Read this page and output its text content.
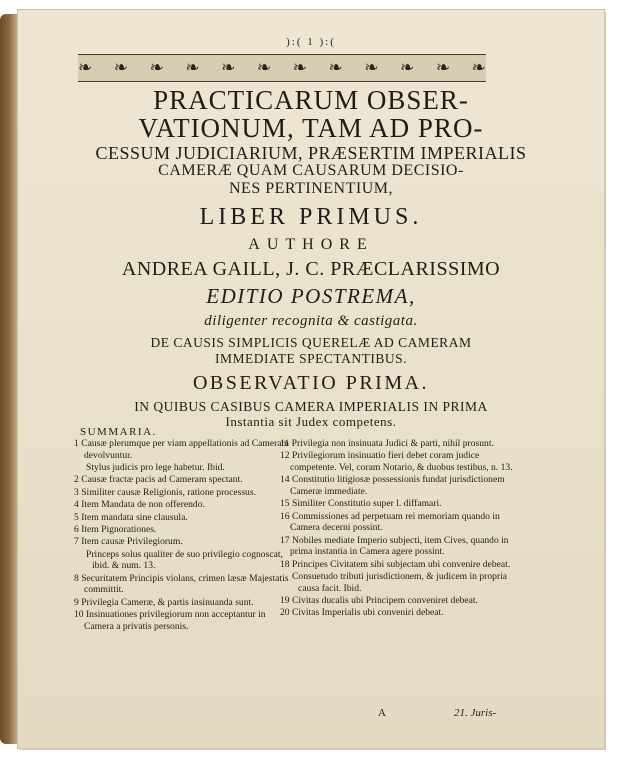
):( 1 ):(
❧ ❧ ❧ ❧ ❧ ❧ ❧ ❧ ❧ ❧ ❧ ❧
PRACTICARUM OBSER-
VATIONUM, TAM AD PRO-
CESSUM JUDICIARIUM, PRÆSERTIM IMPERIALIS
CAMERÆ QUAM CAUSARUM DECISIO-
NES PERTINENTIUM,
LIBER PRIMUS.
AUTHORE
ANDREA GAILL, J. C. PRÆCLARISSIMO
EDITIO POSTREMA,
diligenter recognita & castigata.
DE CAUSIS SIMPLICIS QUERELÆ AD CAMERAM
IMMEDIATE SPECTANTIBUS.
OBSERVATIO PRIMA.
IN QUIBUS CASIBUS CAMERA IMPERIALIS IN PRIMA
Instantia sit Judex competens.
SUMMARIA.
1 Causæ plerumque per viam appellationis ad Cameram devolvuntur.
Stylus judicis pro lege habetur. Ibid.
2 Causæ fractæ pacis ad Cameram spectant.
3 Similiter causæ Religionis, ratione processus.
4 Item Mandata de non offerendo.
5 Item mandata sine clausula.
6 Item Pignorationes.
7 Item causæ Privilegiorum.
Princeps solus qualiter de suo privilegio cognoscat, ibid. & num. 13.
8 Securitatem Principis violans, crimen læsæ Majestatis committit.
9 Privilegia Cameræ, & partis insinuanda sunt.
10 Insinuationes privilegiorum non acceptantur in Camera a privatis personis.
11 Privilegia non insinuata Judici & parti, nihil prosunt.
12 Privilegiorum insinuatio fieri debet coram judice competente. Vel, coram Notario, & duobus testibus, n. 13.
14 Constitutio litigiosæ possessionis fundat jurisdictionem Cameræ immediate.
15 Similiter Constitutio super l. diffamari.
16 Commissiones ad perpetuam rei memoriam quando in Camera decerni possint.
17 Nobiles mediate Imperio subjecti, item Cives, quando in prima instantia in Camera agere possint.
18 Principes Civitatem sibi subjectam ubi convenire debeat.
Consuetudo tributi jurisdictionem, & judicem in propria causa facit. Ibid.
19 Civitas ducalis ubi Principem conveniret debeat.
20 Civitas Imperialis ubi conveniri debeat.
A	21. Juris-
